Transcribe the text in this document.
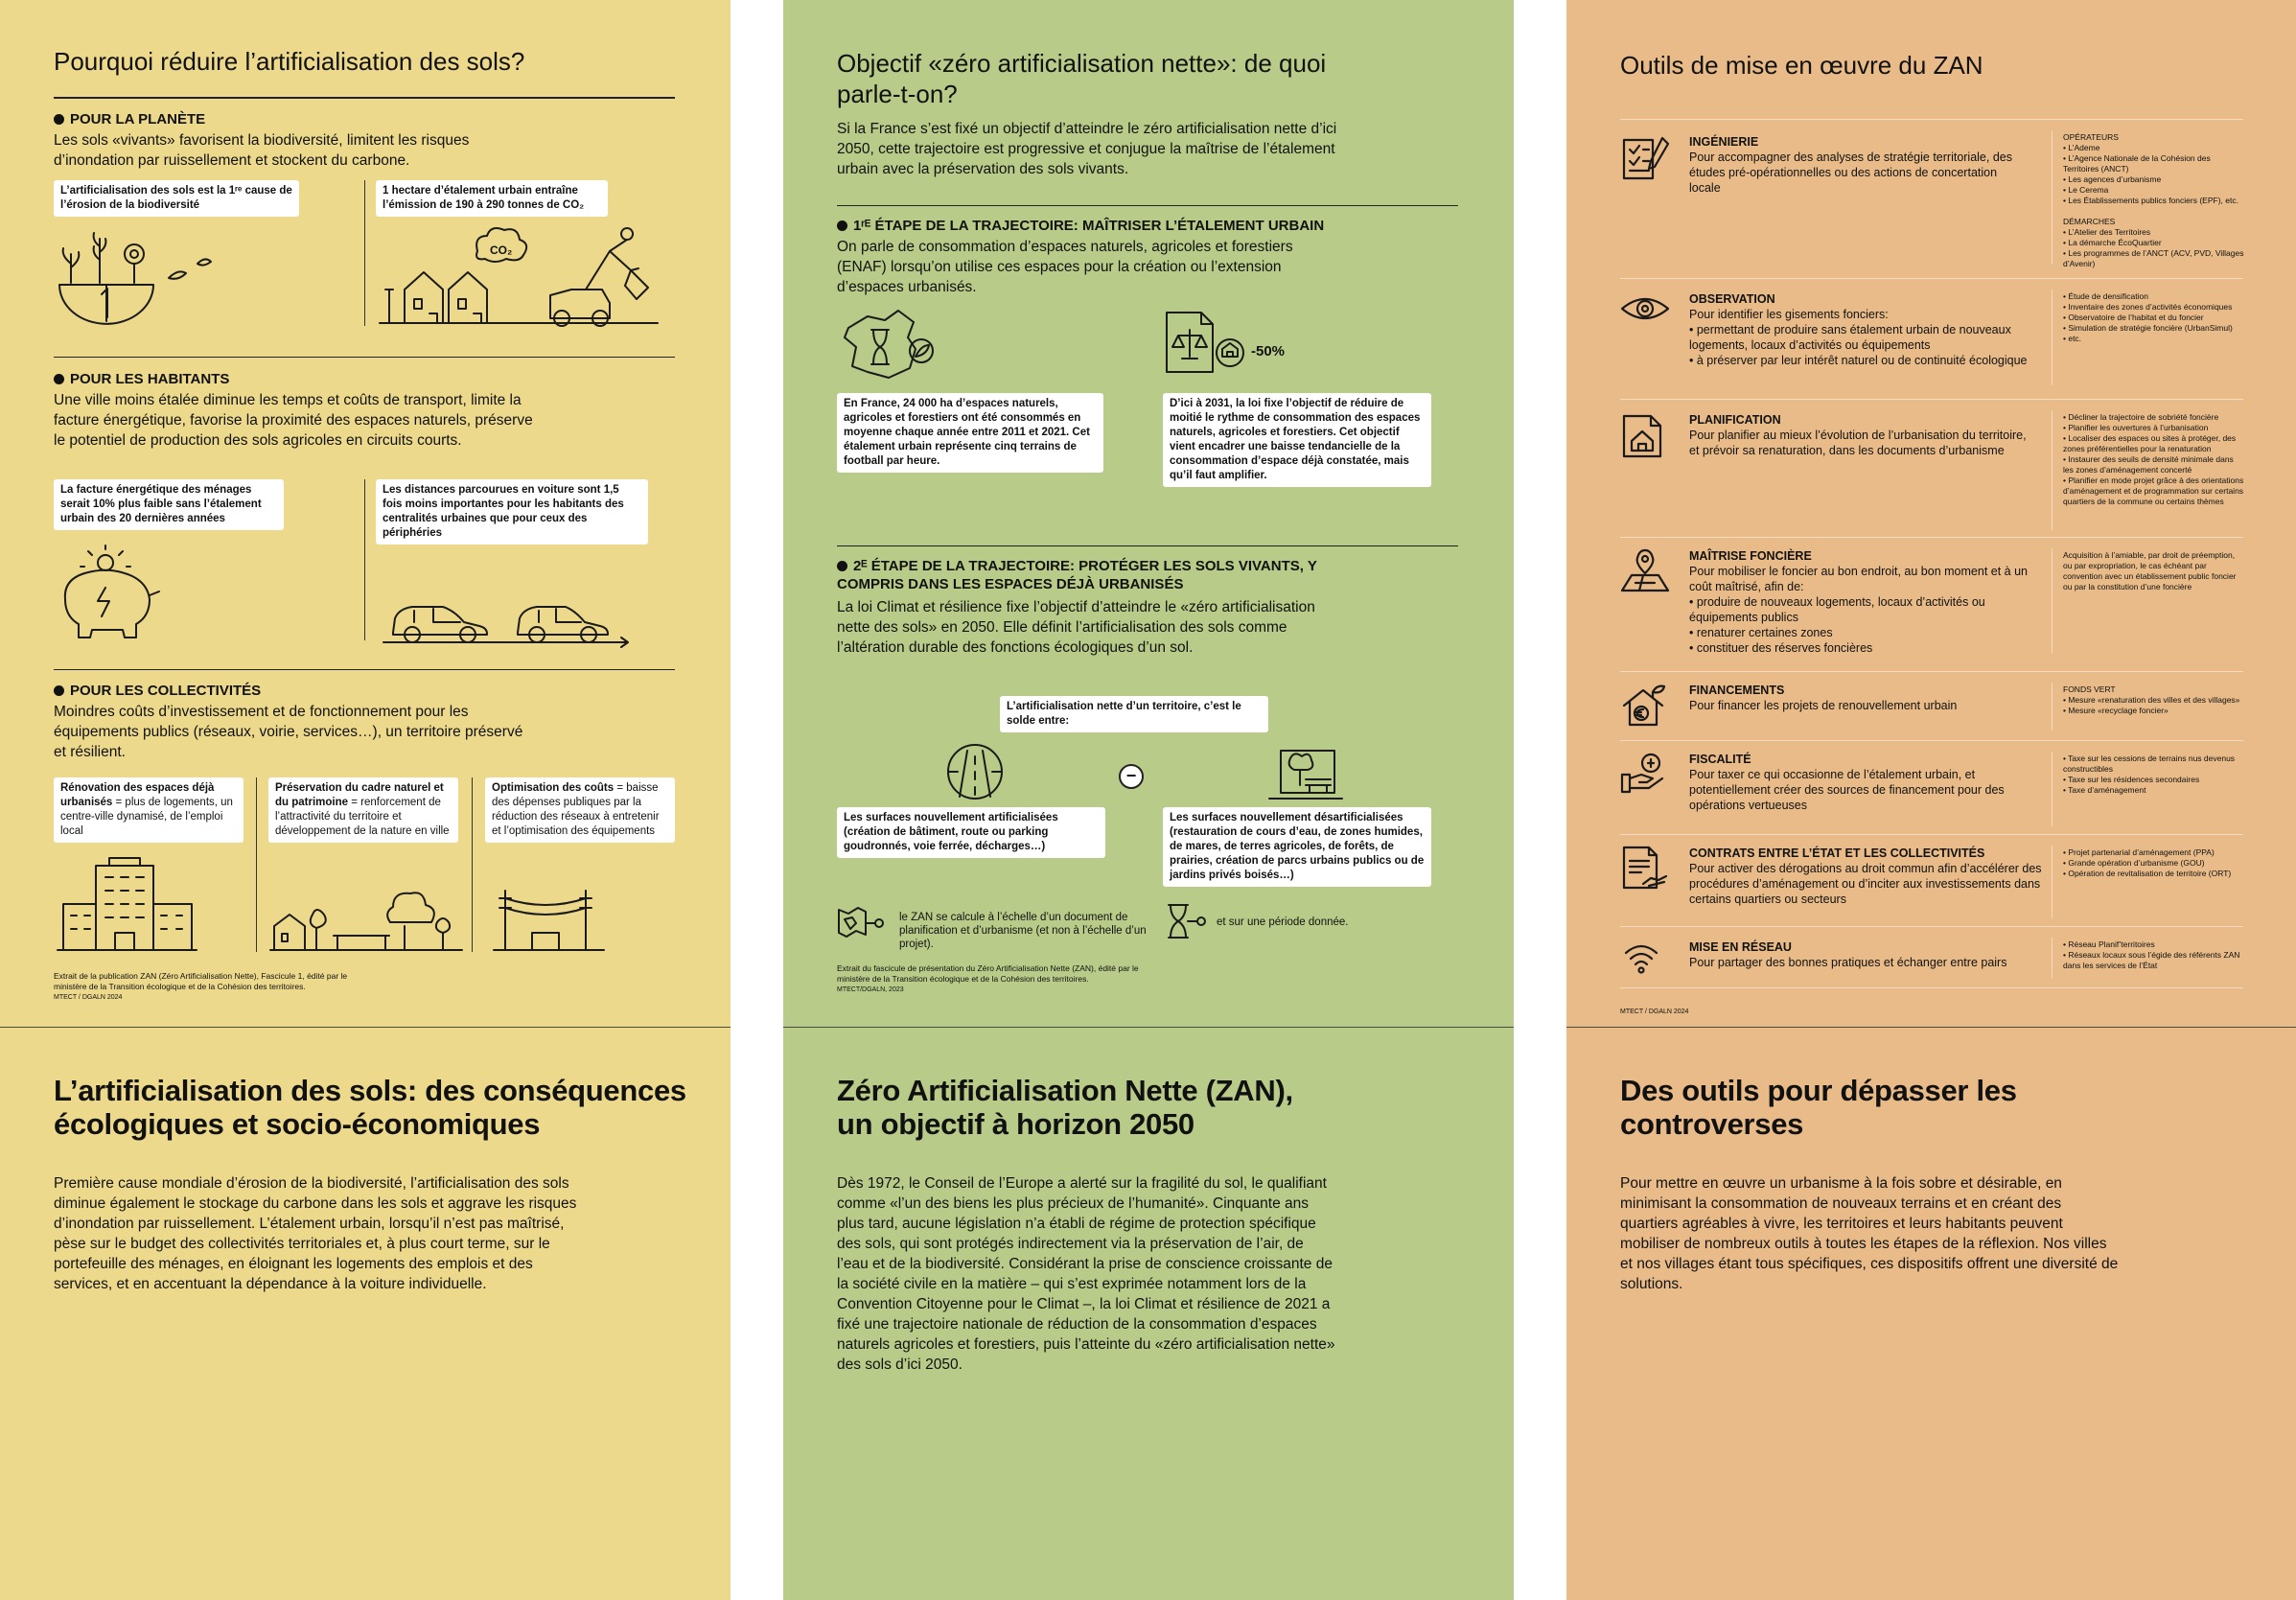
Pourquoi réduire l’artificialisation des sols?
POUR LA PLANÈTE
Les sols «vivants» favorisent la biodiversité, limitent les risques d’inondation par ruissellement et stockent du carbone.
L’artificialisation des sols est la 1ʳᵉ cause de l’érosion de la biodiversité
1 hectare d’étalement urbain entraîne l’émission de 190 à 290 tonnes de CO₂
CO₂
POUR LES HABITANTS
Une ville moins étalée diminue les temps et coûts de transport, limite la facture énergétique, favorise la proximité des espaces naturels, préserve le potentiel de production des sols agricoles en circuits courts.
La facture énergétique des ménages serait 10% plus faible sans l’étalement urbain des 20 dernières années
Les distances parcourues en voiture sont 1,5 fois moins importantes pour les habitants des centralités urbaines que pour ceux des périphéries
POUR LES COLLECTIVITÉS
Moindres coûts d’investissement et de fonctionnement pour les équipements publics (réseaux, voirie, services…), un territoire préservé et résilient.
Rénovation des espaces déjà urbanisés = plus de logements, un centre-ville dynamisé, de l’emploi local
Préservation du cadre naturel et du patrimoine = renforcement de l’attractivité du territoire et développement de la nature en ville
Optimisation des coûts = baisse des dépenses publiques par la réduction des réseaux à entretenir et l’optimisation des équipements
Extrait de la publication ZAN (Zéro Artificialisation Nette), Fascicule 1, édité par le ministère de la Transition écologique et de la Cohésion des territoires.
MTECT / DGALN 2024
L’artificialisation des sols: des conséquences écologiques et socio-économiques
Première cause mondiale d’érosion de la biodiversité, l’artificialisation des sols diminue également le stockage du carbone dans les sols et aggrave les risques d’inondation par ruissellement. L’étalement urbain, lorsqu’il n’est pas maîtrisé, pèse sur le budget des collectivités territoriales et, à plus court terme, sur le portefeuille des ménages, en éloignant les logements des emplois et des services, et en accentuant la dépendance à la voiture individuelle.
Objectif «zéro artificialisation nette»: de quoi parle-t-on?
Si la France s’est fixé un objectif d’atteindre le zéro artificialisation nette d’ici 2050, cette trajectoire est progressive et conjugue la maîtrise de l’étalement urbain avec la préservation des sols vivants.
1ʳᴱ ÉTAPE DE LA TRAJECTOIRE: MAÎTRISER L’ÉTALEMENT URBAIN
On parle de consommation d’espaces naturels, agricoles et forestiers (ENAF) lorsqu’on utilise ces espaces pour la création ou l’extension d’espaces urbanisés.
En France, 24 000 ha d’espaces naturels, agricoles et forestiers ont été consommés en moyenne chaque année entre 2011 et 2021. Cet étalement urbain représente cinq terrains de football par heure.
-50%
D’ici à 2031, la loi fixe l’objectif de réduire de moitié le rythme de consommation des espaces naturels, agricoles et forestiers. Cet objectif vient encadrer une baisse tendancielle de la consommation d’espace déjà constatée, mais qu’il faut amplifier.
2ᴱ ÉTAPE DE LA TRAJECTOIRE: PROTÉGER LES SOLS VIVANTS, Y COMPRIS DANS LES ESPACES DÉJÀ URBANISÉS
La loi Climat et résilience fixe l’objectif d’atteindre le «zéro artificialisation nette des sols» en 2050. Elle définit l’artificialisation des sols comme l’altération durable des fonctions écologiques d’un sol.
L’artificialisation nette d’un territoire, c’est le solde entre:
−
Les surfaces nouvellement artificialisées (création de bâtiment, route ou parking goudronnés, voie ferrée, décharges…)
Les surfaces nouvellement désartificialisées (restauration de cours d’eau, de zones humides, de mares, de terres agricoles, de forêts, de prairies, création de parcs urbains publics ou de jardins privés boisés…)
le ZAN se calcule à l’échelle d’un document de planification et d’urbanisme (et non à l’échelle d’un projet).
et sur une période donnée.
Extrait du fascicule de présentation du Zéro Artificialisation Nette (ZAN), édité par le ministère de la Transition écologique et de la Cohésion des territoires.
MTECT/DGALN, 2023
Zéro Artificialisation Nette (ZAN), un objectif à horizon 2050
Dès 1972, le Conseil de l’Europe a alerté sur la fragilité du sol, le qualifiant comme «l’un des biens les plus précieux de l’humanité». Cinquante ans plus tard, aucune législation n’a établi de régime de protection spécifique des sols, qui sont protégés indirectement via la préservation de l’air, de l’eau et de la biodiversité. Considérant la prise de conscience croissante de la société civile en la matière – qui s’est exprimée notamment lors de la Convention Citoyenne pour le Climat –, la loi Climat et résilience de 2021 a fixé une trajectoire nationale de réduction de la consommation d’espaces naturels agricoles et forestiers, puis l’atteinte du «zéro artificialisation nette» des sols d’ici 2050.
Outils de mise en œuvre du ZAN
INGÉNIERIE
Pour accompagner des analyses de stratégie territoriale, des études pré-opérationnelles ou des actions de concertation locale
OPÉRATEURS
• L’Ademe
• L’Agence Nationale de la Cohésion des Territoires (ANCT)
• Les agences d’urbanisme
• Le Cerema
• Les Établissements publics fonciers (EPF), etc.

DÉMARCHES
• L’Atelier des Territoires
• La démarche ÉcoQuartier
• Les programmes de l’ANCT (ACV, PVD, Villages d’Avenir)
OBSERVATION
Pour identifier les gisements fonciers:
• permettant de produire sans étalement urbain de nouveaux logements, locaux d’activités ou équipements
• à préserver par leur intérêt naturel ou de continuité écologique
• Étude de densification
• Inventaire des zones d’activités économiques
• Observatoire de l’habitat et du foncier
• Simulation de stratégie foncière (UrbanSimul)
• etc.
PLANIFICATION
Pour planifier au mieux l’évolution de l’urbanisation du territoire, et prévoir sa renaturation, dans les documents d’urbanisme
• Décliner la trajectoire de sobriété foncière
• Planifier les ouvertures à l’urbanisation
• Localiser des espaces ou sites à protéger, des zones préférentielles pour la renaturation
• Instaurer des seuils de densité minimale dans les zones d’aménagement concerté
• Planifier en mode projet grâce à des orientations d’aménagement et de programmation sur certains quartiers de la commune ou certains thèmes
MAÎTRISE FONCIÈRE
Pour mobiliser le foncier au bon endroit, au bon moment et à un coût maîtrisé, afin de:
• produire de nouveaux logements, locaux d’activités ou équipements publics
• renaturer certaines zones
• constituer des réserves foncières
Acquisition à l’amiable, par droit de préemption, ou par expropriation, le cas échéant par convention avec un établissement public foncier ou par la constitution d’une foncière
FINANCEMENTS
Pour financer les projets de renouvellement urbain
FONDS VERT
• Mesure «renaturation des villes et des villages»
• Mesure «recyclage foncier»
FISCALITÉ
Pour taxer ce qui occasionne de l’étalement urbain, et potentiellement créer des sources de financement pour des opérations vertueuses
• Taxe sur les cessions de terrains nus devenus constructibles
• Taxe sur les résidences secondaires
• Taxe d’aménagement
CONTRATS ENTRE L’ÉTAT ET LES COLLECTIVITÉS
Pour activer des dérogations au droit commun afin d’accélérer des procédures d’aménagement ou d’inciter aux investissements dans certains quartiers ou secteurs
• Projet partenarial d’aménagement (PPA)
• Grande opération d’urbanisme (GOU)
• Opération de revitalisation de territoire (ORT)
MISE EN RÉSEAU
Pour partager des bonnes pratiques et échanger entre pairs
• Réseau Planif’territoires
• Réseaux locaux sous l’égide des référents ZAN dans les services de l’État
MTECT / DGALN 2024
Des outils pour dépasser les controverses
Pour mettre en œuvre un urbanisme à la fois sobre et désirable, en minimisant la consommation de nouveaux terrains et en créant des quartiers agréables à vivre, les territoires et leurs habitants peuvent mobiliser de nombreux outils à toutes les étapes de la réflexion. Nos villes et nos villages étant tous spécifiques, ces dispositifs offrent une diversité de solutions.
